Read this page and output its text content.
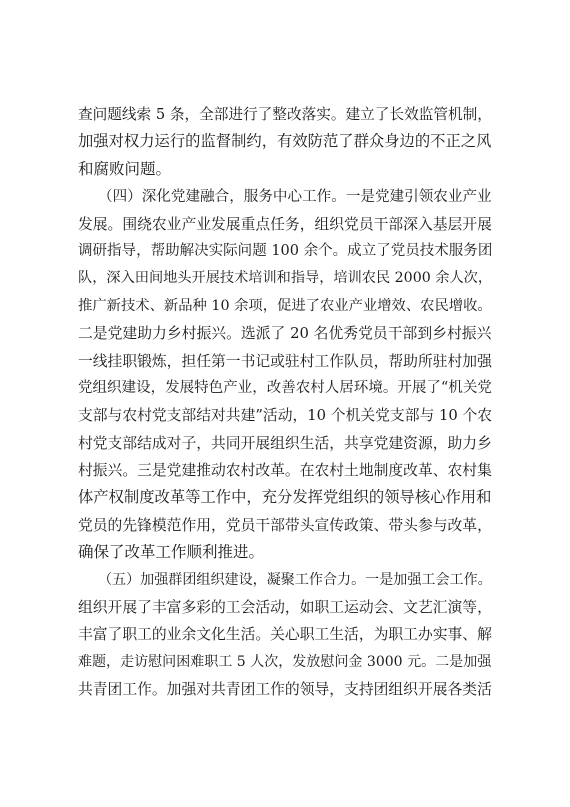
查问题线索 5 条，全部进行了整改落实。建立了长效监管机制，
加强对权力运行的监督制约，有效防范了群众身边的不正之风
和腐败问题。
（四）深化党建融合，服务中心工作。一是党建引领农业产业
发展。围绕农业产业发展重点任务，组织党员干部深入基层开展
调研指导，帮助解决实际问题 100 余个。成立了党员技术服务团
队，深入田间地头开展技术培训和指导，培训农民 2000 余人次，
推广新技术、新品种 10 余项，促进了农业产业增效、农民增收。
二是党建助力乡村振兴。选派了 20 名优秀党员干部到乡村振兴
一线挂职锻炼，担任第一书记或驻村工作队员，帮助所驻村加强
党组织建设，发展特色产业，改善农村人居环境。开展了“机关党
支部与农村党支部结对共建”活动，10 个机关党支部与 10 个农
村党支部结成对子，共同开展组织生活，共享党建资源，助力乡
村振兴。三是党建推动农村改革。在农村土地制度改革、农村集
体产权制度改革等工作中，充分发挥党组织的领导核心作用和
党员的先锋模范作用，党员干部带头宣传政策、带头参与改革，
确保了改革工作顺利推进。
（五）加强群团组织建设，凝聚工作合力。一是加强工会工作。
组织开展了丰富多彩的工会活动，如职工运动会、文艺汇演等，
丰富了职工的业余文化生活。关心职工生活，为职工办实事、解
难题，走访慰问困难职工 5 人次，发放慰问金 3000 元。二是加强
共青团工作。加强对共青团工作的领导，支持团组织开展各类活
